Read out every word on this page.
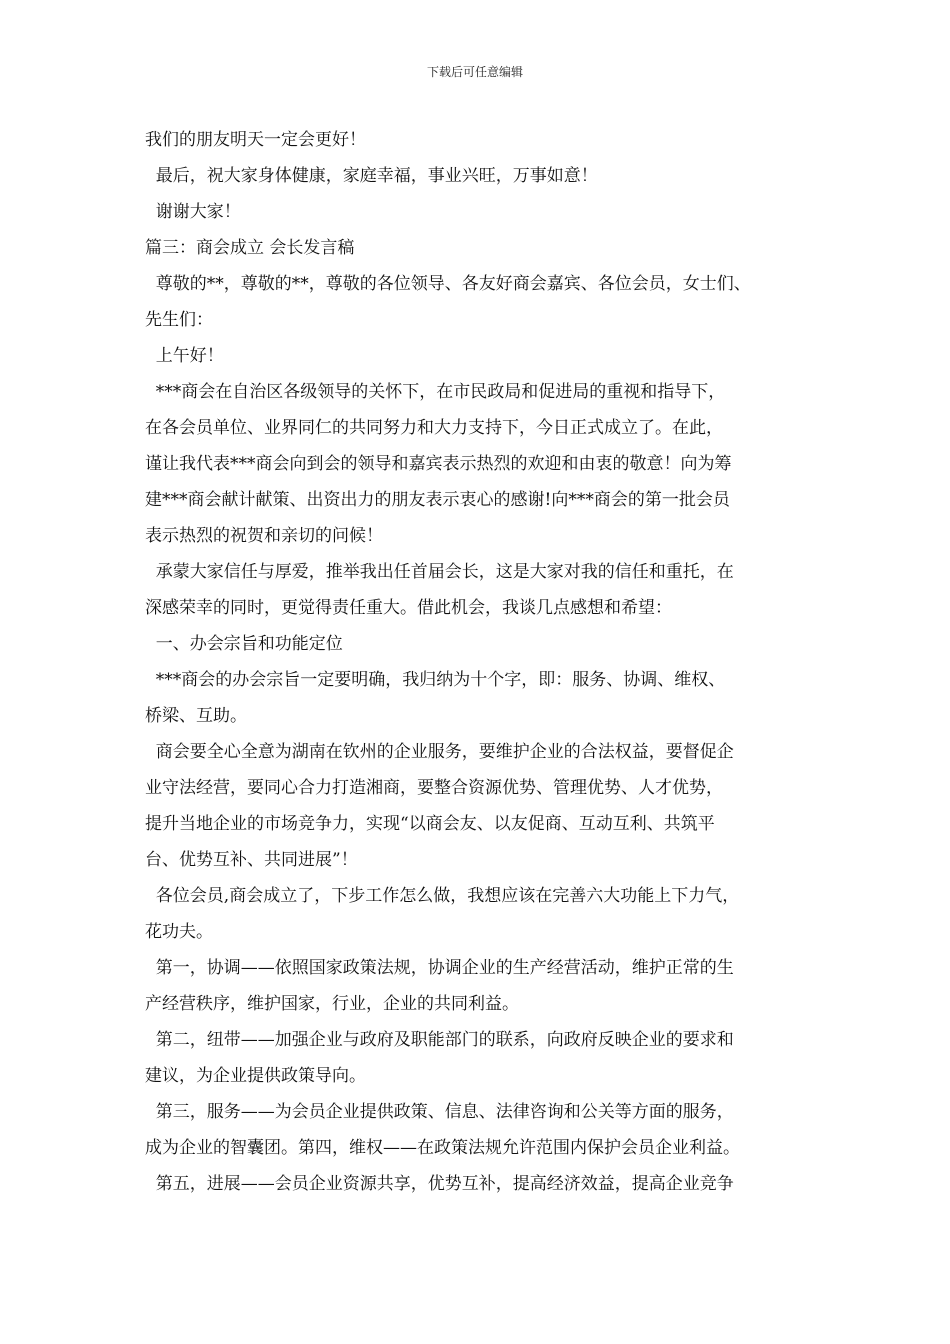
下载后可任意编辑
我们的朋友明天一定会更好！
最后，祝大家身体健康，家庭幸福，事业兴旺，万事如意！
谢谢大家！
篇三：商会成立 会长发言稿
尊敬的**，尊敬的**，尊敬的各位领导、各友好商会嘉宾、各位会员，女士们、
先生们：
上午好！
***商会在自治区各级领导的关怀下，在市民政局和促进局的重视和指导下，
在各会员单位、业界同仁的共同努力和大力支持下，今日正式成立了。在此，
谨让我代表***商会向到会的领导和嘉宾表示热烈的欢迎和由衷的敬意！向为筹
建***商会献计献策、出资出力的朋友表示衷心的感谢!向***商会的第一批会员
表示热烈的祝贺和亲切的问候！
承蒙大家信任与厚爱，推举我出任首届会长，这是大家对我的信任和重托，在
深感荣幸的同时，更觉得责任重大。借此机会，我谈几点感想和希望：
一、办会宗旨和功能定位
***商会的办会宗旨一定要明确，我归纳为十个字，即：服务、协调、维权、
桥梁、互助。
商会要全心全意为湖南在钦州的企业服务，要维护企业的合法权益，要督促企
业守法经营，要同心合力打造湘商，要整合资源优势、管理优势、人才优势，
提升当地企业的市场竞争力，实现“以商会友、以友促商、互动互利、共筑平
台、优势互补、共同进展”！
各位会员,商会成立了，下步工作怎么做，我想应该在完善六大功能上下力气，
花功夫。
第一，协调——依照国家政策法规，协调企业的生产经营活动，维护正常的生
产经营秩序，维护国家，行业，企业的共同利益。
第二，纽带——加强企业与政府及职能部门的联系，向政府反映企业的要求和
建议，为企业提供政策导向。
第三，服务——为会员企业提供政策、信息、法律咨询和公关等方面的服务，
成为企业的智囊团。第四，维权——在政策法规允许范围内保护会员企业利益。
第五，进展——会员企业资源共享，优势互补，提高经济效益，提高企业竞争
